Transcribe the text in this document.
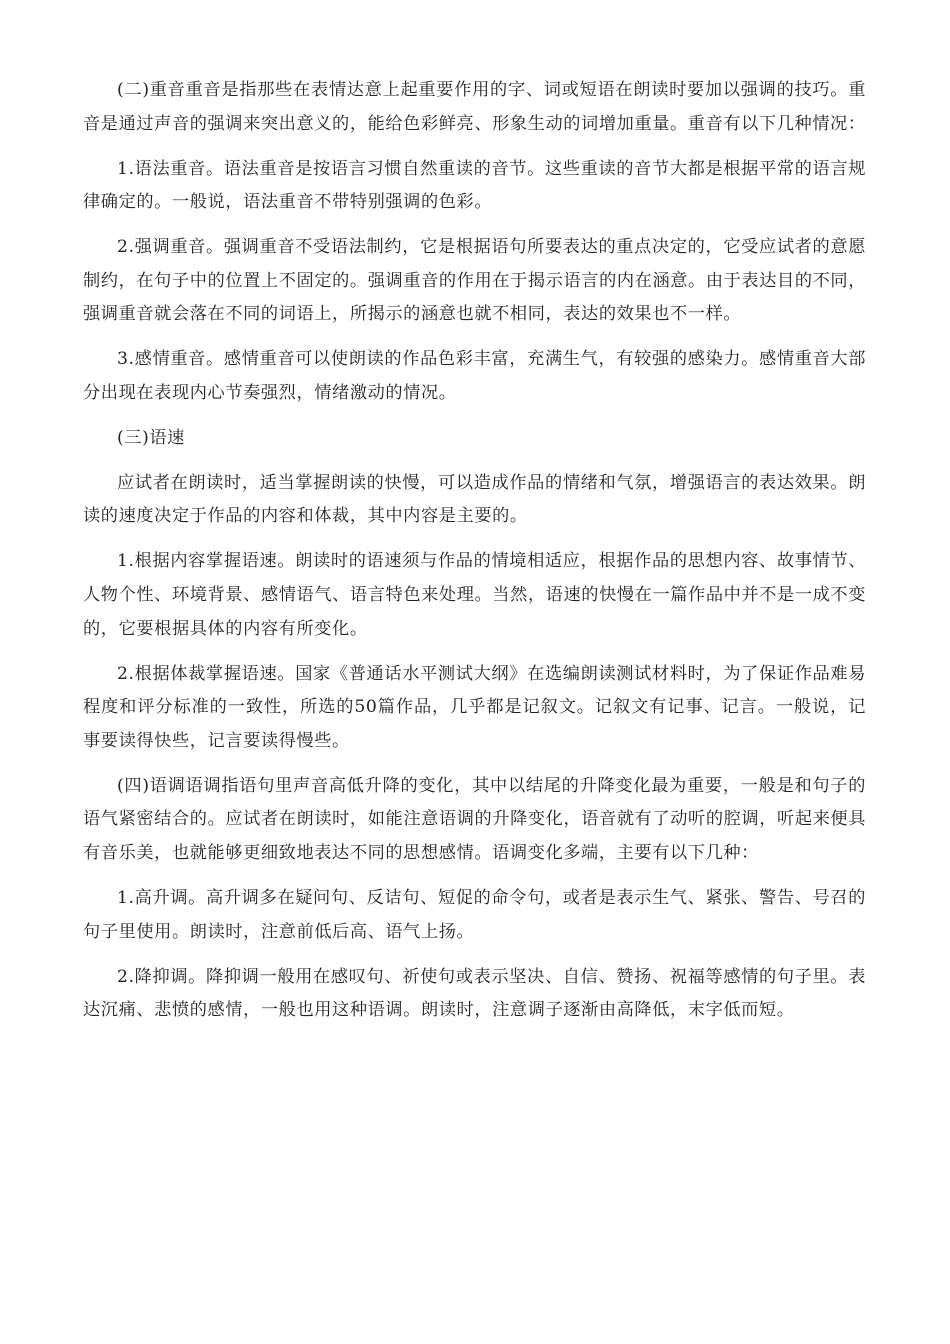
(二)重音重音是指那些在表情达意上起重要作用的字、词或短语在朗读时要加以强调的技巧。重音是通过声音的强调来突出意义的，能给色彩鲜亮、形象生动的词增加重量。重音有以下几种情况：

1.语法重音。语法重音是按语言习惯自然重读的音节。这些重读的音节大都是根据平常的语言规律确定的。一般说，语法重音不带特别强调的色彩。

2.强调重音。强调重音不受语法制约，它是根据语句所要表达的重点决定的，它受应试者的意愿制约，在句子中的位置上不固定的。强调重音的作用在于揭示语言的内在涵意。由于表达目的不同，强调重音就会落在不同的词语上，所揭示的涵意也就不相同，表达的效果也不一样。

3.感情重音。感情重音可以使朗读的作品色彩丰富，充满生气，有较强的感染力。感情重音大部分出现在表现内心节奏强烈，情绪激动的情况。

(三)语速

应试者在朗读时，适当掌握朗读的快慢，可以造成作品的情绪和气氛，增强语言的表达效果。朗读的速度决定于作品的内容和体裁，其中内容是主要的。

1.根据内容掌握语速。朗读时的语速须与作品的情境相适应，根据作品的思想内容、故事情节、人物个性、环境背景、感情语气、语言特色来处理。当然，语速的快慢在一篇作品中并不是一成不变的，它要根据具体的内容有所变化。

2.根据体裁掌握语速。国家《普通话水平测试大纲》在选编朗读测试材料时，为了保证作品难易程度和评分标准的一致性，所选的50篇作品，几乎都是记叙文。记叙文有记事、记言。一般说，记事要读得快些，记言要读得慢些。

(四)语调语调指语句里声音高低升降的变化，其中以结尾的升降变化最为重要，一般是和句子的语气紧密结合的。应试者在朗读时，如能注意语调的升降变化，语音就有了动听的腔调，听起来便具有音乐美，也就能够更细致地表达不同的思想感情。语调变化多端，主要有以下几种：

1.高升调。高升调多在疑问句、反诘句、短促的命令句，或者是表示生气、紧张、警告、号召的句子里使用。朗读时，注意前低后高、语气上扬。

2.降抑调。降抑调一般用在感叹句、祈使句或表示坚决、自信、赞扬、祝福等感情的句子里。表达沉痛、悲愤的感情，一般也用这种语调。朗读时，注意调子逐渐由高降低，末字低而短。
